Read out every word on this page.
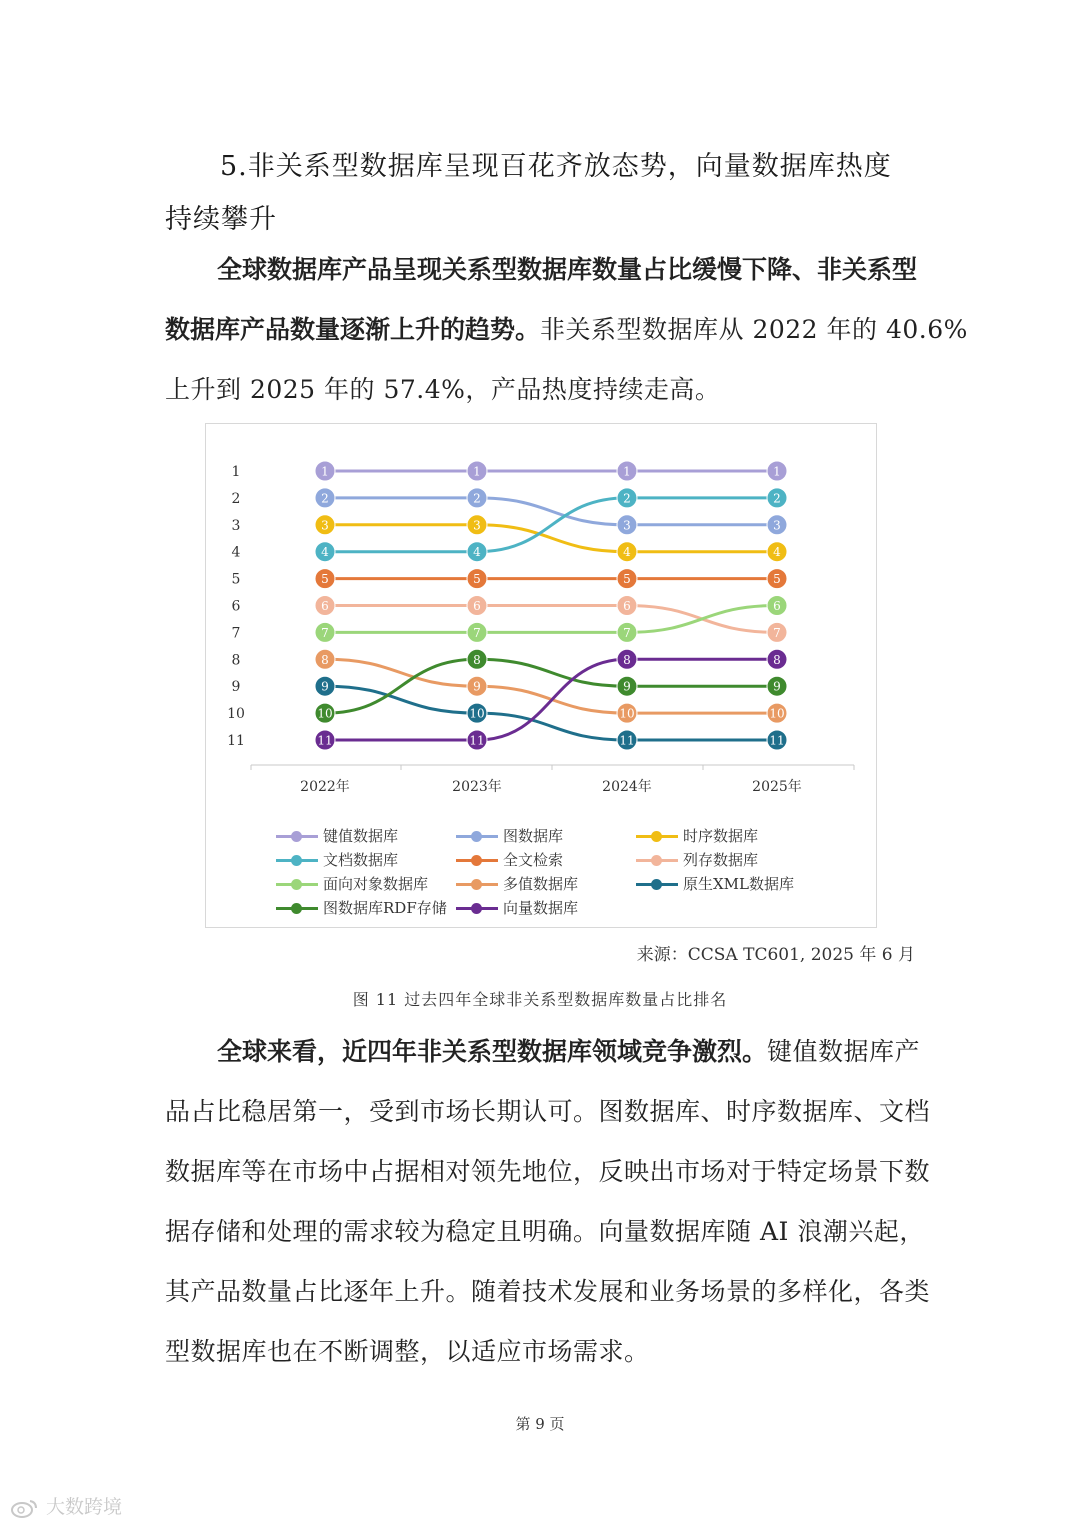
5.非关系型数据库呈现百花齐放态势，向量数据库热度
持续攀升
全球数据库产品呈现关系型数据库数量占比缓慢下降、非关系型
数据库产品数量逐渐上升的趋势。非关系型数据库从 2022 年的 40.6%
上升到 2025 年的 57.4%，产品热度持续走高。
1
2
3
4
5
6
7
8
9
10
11
2022年	2023年	2024年	2025年
1	1	1	1
2	2
3	3
3	3
4	4
4	4
2	2
5	5	5	5
6	6	6
7
7	7	7
6
8
9
10	10
9
10
11	11
10
8
9	9
11	11
8	8
键值数据库	图数据库	时序数据库
文档数据库	全文检索	列存数据库
面向对象数据库	多值数据库	原生XML数据库
图数据库RDF存储	向量数据库
来源：CCSA TC601, 2025 年 6 月
图 11 过去四年全球非关系型数据库数量占比排名
全球来看，近四年非关系型数据库领域竞争激烈。键值数据库产
品占比稳居第一，受到市场长期认可。图数据库、时序数据库、文档
数据库等在市场中占据相对领先地位，反映出市场对于特定场景下数
据存储和处理的需求较为稳定且明确。向量数据库随 AI 浪潮兴起，
其产品数量占比逐年上升。随着技术发展和业务场景的多样化，各类
型数据库也在不断调整，以适应市场需求。
第 9 页
大数跨境
